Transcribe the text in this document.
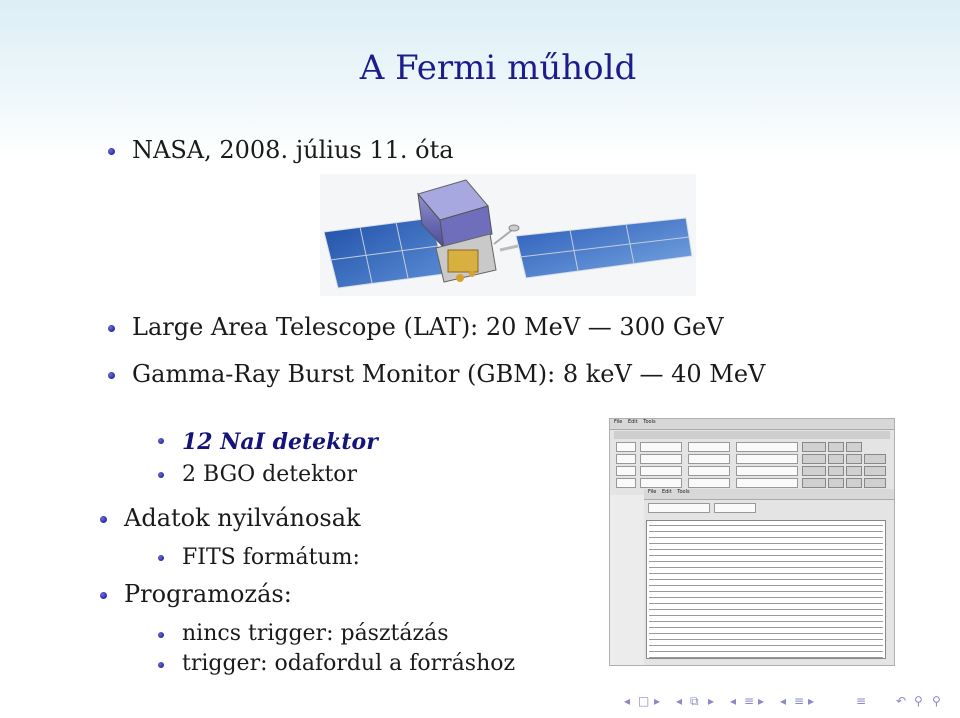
A Fermi műhold
NASA, 2008. július 11. óta
Large Area Telescope (LAT): 20 MeV — 300 GeV
Gamma-Ray Burst Monitor (GBM): 8 keV — 40 MeV
12 NaI detektor
2 BGO detektor
Adatok nyilvánosak
FITS formátum:
Programozás:
nincs trigger: pásztázás
trigger: odafordul a forráshoz
File Edit Tools
File Edit Tools
◂ □ ▸ ◂ ⧉ ▸ ◂ ≡ ▸ ◂ ≡ ▸	≡ ↶ ⚲ ⚲
